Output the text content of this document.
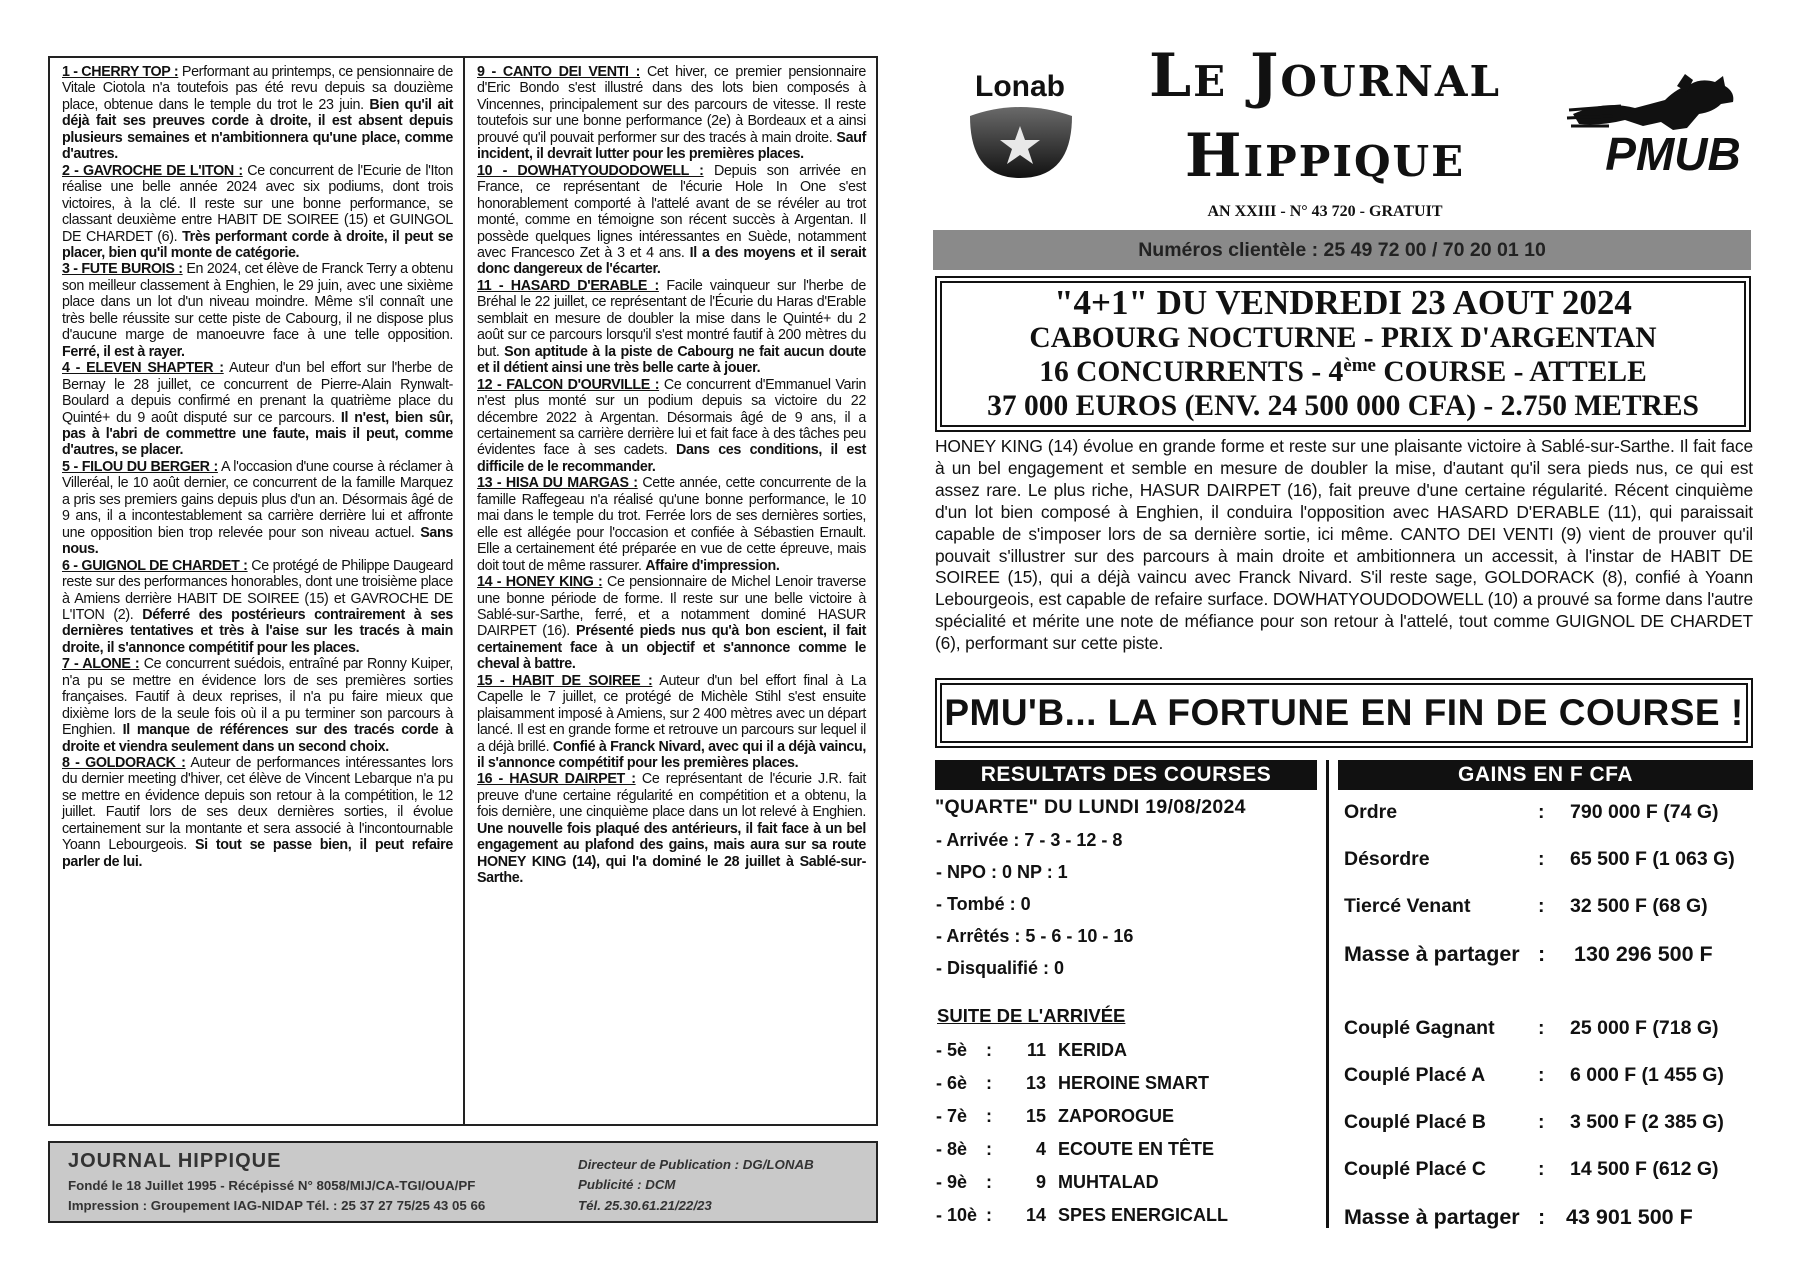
1 - CHERRY TOP : Performant au printemps, ce pensionnaire de Vitale Ciotola n'a toutefois pas été revu depuis sa douzième place, obtenue dans le temple du trot le 23 juin. Bien qu'il ait déjà fait ses preuves corde à droite, il est absent depuis plusieurs semaines et n'ambitionnera qu'une place, comme d'autres.

2 - GAVROCHE DE L'ITON : Ce concurrent de l'Ecurie de l'Iton réalise une belle année 2024 avec six podiums, dont trois victoires, à la clé. Il reste sur une bonne performance, se classant deuxième entre HABIT DE SOIREE (15) et GUINGOL DE CHARDET (6). Très performant corde à droite, il peut se placer, bien qu'il monte de catégorie.

3 - FUTE BUROIS : En 2024, cet élève de Franck Terry a obtenu son meilleur classement à Enghien, le 29 juin, avec une sixième place dans un lot d'un niveau moindre. Même s'il connaît une très belle réussite sur cette piste de Cabourg, il ne dispose plus d'aucune marge de manoeuvre face à une telle opposition. Ferré, il est à rayer.

4 - ELEVEN SHAPTER : Auteur d'un bel effort sur l'herbe de Bernay le 28 juillet, ce concurrent de Pierre-Alain Rynwalt-Boulard a depuis confirmé en prenant la quatrième place du Quinté+ du 9 août disputé sur ce parcours. Il n'est, bien sûr, pas à l'abri de commettre une faute, mais il peut, comme d'autres, se placer.

5 - FILOU DU BERGER : A l'occasion d'une course à réclamer à Villeréal, le 10 août dernier, ce concurrent de la famille Marquez a pris ses premiers gains depuis plus d'un an. Désormais âgé de 9 ans, il a incontestablement sa carrière derrière lui et affronte une opposition bien trop relevée pour son niveau actuel. Sans nous.

6 - GUIGNOL DE CHARDET : Ce protégé de Philippe Daugeard reste sur des performances honorables, dont une troisième place à Amiens derrière HABIT DE SOIREE (15) et GAVROCHE DE L'ITON (2). Déferré des postérieurs contrairement à ses dernières tentatives et très à l'aise sur les tracés à main droite, il s'annonce compétitif pour les places.

7 - ALONE : Ce concurrent suédois, entraîné par Ronny Kuiper, n'a pu se mettre en évidence lors de ses premières sorties françaises. Fautif à deux reprises, il n'a pu faire mieux que dixième lors de la seule fois où il a pu terminer son parcours à Enghien. Il manque de références sur des tracés corde à droite et viendra seulement dans un second choix.

8 - GOLDORACK : Auteur de performances intéressantes lors du dernier meeting d'hiver, cet élève de Vincent Lebarque n'a pu se mettre en évidence depuis son retour à la compétition, le 12 juillet. Fautif lors de ses deux dernières sorties, il évolue certainement sur la montante et sera associé à l'incontournable Yoann Lebourgeois. Si tout se passe bien, il peut refaire parler de lui.

9 - CANTO DEI VENTI : Cet hiver, ce premier pensionnaire d'Eric Bondo s'est illustré dans des lots bien composés à Vincennes, principalement sur des parcours de vitesse. Il reste toutefois sur une bonne performance (2e) à Bordeaux et a ainsi prouvé qu'il pouvait performer sur des tracés à main droite. Sauf incident, il devrait lutter pour les premières places.

10 - DOWHATYOUDODOWELL : Depuis son arrivée en France, ce représentant de l'écurie Hole In One s'est honorablement comporté à l'attelé avant de se révéler au trot monté, comme en témoigne son récent succès à Argentan. Il possède quelques lignes intéressantes en Suède, notamment avec Francesco Zet à 3 et 4 ans. Il a des moyens et il serait donc dangereux de l'écarter.

11 - HASARD D'ERABLE : Facile vainqueur sur l'herbe de Bréhal le 22 juillet, ce représentant de l'Écurie du Haras d'Erable semblait en mesure de doubler la mise dans le Quinté+ du 2 août sur ce parcours lorsqu'il s'est montré fautif à 200 mètres du but. Son aptitude à la piste de Cabourg ne fait aucun doute et il détient ainsi une très belle carte à jouer.

12 - FALCON D'OURVILLE : Ce concurrent d'Emmanuel Varin n'est plus monté sur un podium depuis sa victoire du 22 décembre 2022 à Argentan. Désormais âgé de 9 ans, il a certainement sa carrière derrière lui et fait face à des tâches peu évidentes face à ses cadets. Dans ces conditions, il est difficile de le recommander.

13 - HISA DU MARGAS : Cette année, cette concurrente de la famille Raffegeau n'a réalisé qu'une bonne performance, le 10 mai dans le temple du trot. Ferrée lors de ses dernières sorties, elle est allégée pour l'occasion et confiée à Sébastien Ernault. Elle a certainement été préparée en vue de cette épreuve, mais doit tout de même rassurer. Affaire d'impression.

14 - HONEY KING : Ce pensionnaire de Michel Lenoir traverse une bonne période de forme. Il reste sur une belle victoire à Sablé-sur-Sarthe, ferré, et a notamment dominé HASUR DAIRPET (16). Présenté pieds nus qu'à bon escient, il fait certainement face à un objectif et s'annonce comme le cheval à battre.

15 - HABIT DE SOIREE : Auteur d'un bel effort final à La Capelle le 7 juillet, ce protégé de Michèle Stihl s'est ensuite plaisamment imposé à Amiens, sur 2 400 mètres avec un départ lancé. Il est en grande forme et retrouve un parcours sur lequel il a déjà brillé. Confié à Franck Nivard, avec qui il a déjà vaincu, il s'annonce compétitif pour les premières places.

16 - HASUR DAIRPET : Ce représentant de l'écurie J.R. fait preuve d'une certaine régularité en compétition et a obtenu, la fois dernière, une cinquième place dans un lot relevé à Enghien. Une nouvelle fois plaqué des antérieurs, il fait face à un bel engagement au plafond des gains, mais aura sur sa route HONEY KING (14), qui l'a dominé le 28 juillet à Sablé-sur-Sarthe.

JOURNAL HIPPIQUE
Fondé le 18 Juillet 1995 - Récépissé N° 8058/MIJ/CA-TGI/OUA/PF
Impression : Groupement IAG-NIDAP Tél. : 25 37 27 75/25 43 05 66
Directeur de Publication : DG/LONAB
Publicité : DCM
Tél. 25.30.61.21/22/23
Lonab	Le Journal
Hippique
AN XXIII - N° 43 720 - GRATUIT
PMUB
Numéros clientèle : 25 49 72 00 / 70 20 01 10
"4+1" DU VENDREDI 23 AOUT 2024
CABOURG NOCTURNE - PRIX D'ARGENTAN
16 CONCURRENTS - 4ème COURSE - ATTELE
37 000 EUROS (ENV. 24 500 000 CFA) - 2.750 METRES
HONEY KING (14) évolue en grande forme et reste sur une plaisante victoire à Sablé-sur-Sarthe. Il fait face à un bel engagement et semble en mesure de doubler la mise, d'autant qu'il sera pieds nus, ce qui est assez rare. Le plus riche, HASUR DAIRPET (16), fait preuve d'une certaine régularité. Récent cinquième d'un lot bien composé à Enghien, il conduira l'opposition avec HASARD D'ERABLE (11), qui paraissait capable de s'imposer lors de sa dernière sortie, ici même. CANTO DEI VENTI (9) vient de prouver qu'il pouvait s'illustrer sur des parcours à main droite et ambitionnera un accessit, à l'instar de HABIT DE SOIREE (15), qui a déjà vaincu avec Franck Nivard. S'il reste sage, GOLDORACK (8), confié à Yoann Lebourgeois, est capable de refaire surface. DOWHATYOUDODOWELL (10) a prouvé sa forme dans l'autre spécialité et mérite une note de méfiance pour son retour à l'attelé, tout comme GUIGNOL DE CHARDET (6), performant sur cette piste.
PMU'B... LA FORTUNE EN FIN DE COURSE !
RESULTATS DES COURSES	GAINS EN F CFA
"QUARTE" DU LUNDI 19/08/2024
- Arrivée : 7 - 3 - 12 - 8
- NPO : 0 NP : 1
- Tombé : 0
- Arrêtés : 5 - 6 - 10 - 16
- Disqualifié : 0
SUITE DE L'ARRIVÉE
- 5è :	11 KERIDA
- 6è :	13 HEROINE SMART
- 7è :	15 ZAPOROGUE
- 8è :	4 ECOUTE EN TÊTE
- 9è :	9 MUHTALAD
- 10è :	14 SPES ENERGICALL
Ordre	: 790 000 F (74 G)
Désordre	: 65 500 F (1 063 G)
Tiercé Venant	: 32 500 F (68 G)
Masse à partager : 130 296 500 F
Couplé Gagnant : 25 000 F (718 G)
Couplé Placé A	: 6 000 F (1 455 G)
Couplé Placé B	: 3 500 F (2 385 G)
Couplé Placé C	: 14 500 F (612 G)
Masse à partager : 43 901 500 F
